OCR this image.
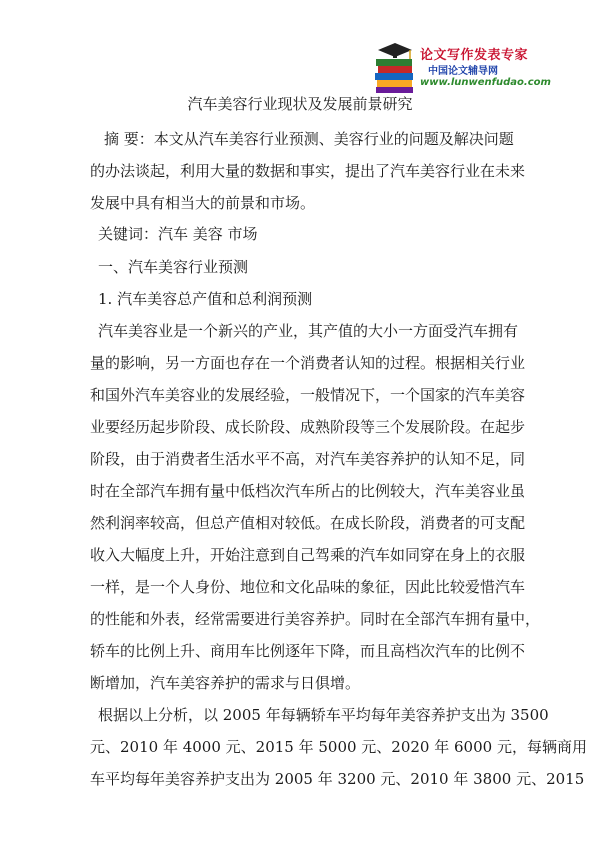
论文写作发表专家
中国论文辅导网
www.lunwenfudao.com
汽车美容行业现状及发展前景研究
摘 要：本文从汽车美容行业预测、美容行业的问题及解决问题
的办法谈起，利用大量的数据和事实，提出了汽车美容行业在未来
发展中具有相当大的前景和市场。
关键词：汽车 美容 市场
一、汽车美容行业预测
1. 汽车美容总产值和总利润预测
汽车美容业是一个新兴的产业，其产值的大小一方面受汽车拥有
量的影响，另一方面也存在一个消费者认知的过程。根据相关行业
和国外汽车美容业的发展经验，一般情况下，一个国家的汽车美容
业要经历起步阶段、成长阶段、成熟阶段等三个发展阶段。在起步
阶段，由于消费者生活水平不高，对汽车美容养护的认知不足，同
时在全部汽车拥有量中低档次汽车所占的比例较大，汽车美容业虽
然利润率较高，但总产值相对较低。在成长阶段，消费者的可支配
收入大幅度上升，开始注意到自己驾乘的汽车如同穿在身上的衣服
一样，是一个人身份、地位和文化品味的象征，因此比较爱惜汽车
的性能和外表，经常需要进行美容养护。同时在全部汽车拥有量中，
轿车的比例上升、商用车比例逐年下降，而且高档次汽车的比例不
断增加，汽车美容养护的需求与日俱增。
根据以上分析，以 2005 年每辆轿车平均每年美容养护支出为 3500
元、2010 年 4000 元、2015 年 5000 元、2020 年 6000 元，每辆商用
车平均每年美容养护支出为 2005 年 3200 元、2010 年 3800 元、2015
